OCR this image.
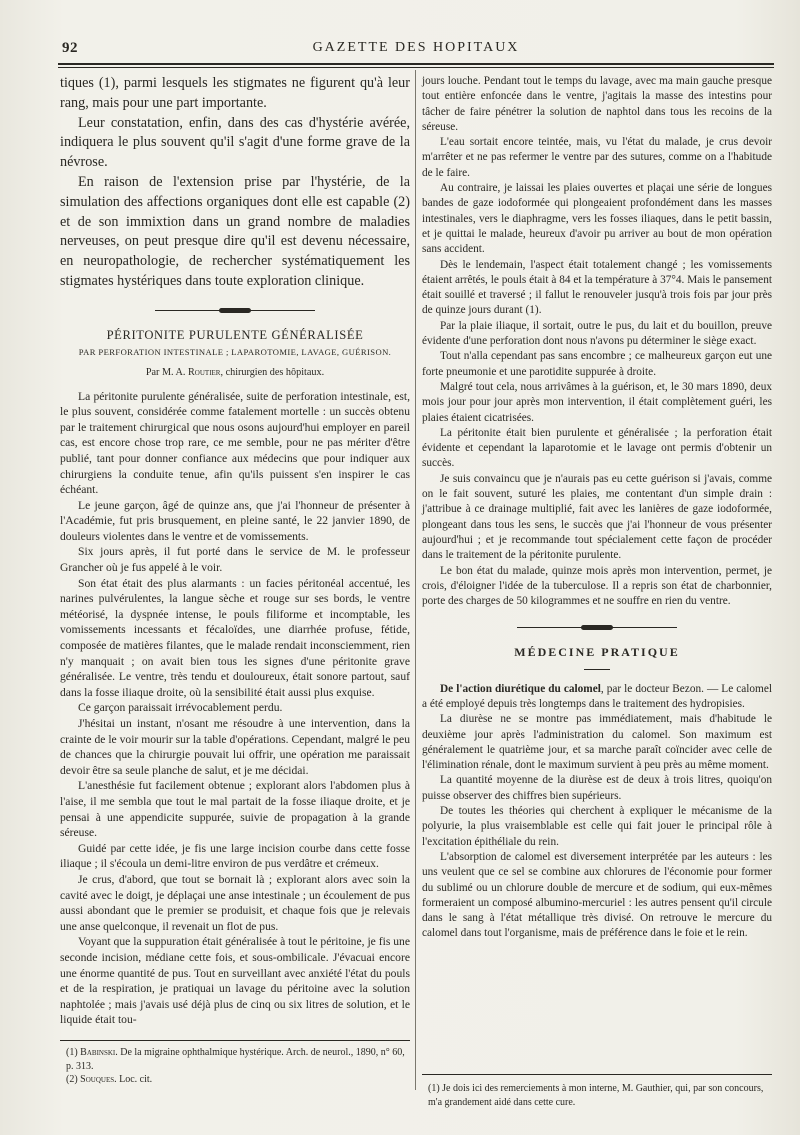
92	GAZETTE DES HOPITAUX

tiques (1), parmi lesquels les stigmates ne figurent qu'à leur rang, mais pour une part importante.

Leur constatation, enfin, dans des cas d'hystérie avérée, indiquera le plus souvent qu'il s'agit d'une forme grave de la névrose.

En raison de l'extension prise par l'hystérie, de la simulation des affections organiques dont elle est capable (2) et de son immixtion dans un grand nombre de maladies nerveuses, on peut presque dire qu'il est devenu nécessaire, en neuropathologie, de rechercher systématiquement les stigmates hystériques dans toute exploration clinique.

PÉRITONITE PURULENTE GÉNÉRALISÉE
PAR PERFORATION INTESTINALE ; LAPAROTOMIE, LAVAGE, GUÉRISON.
Par M. A. Routier, chirurgien des hôpitaux.

La péritonite purulente généralisée, suite de perforation intestinale, est, le plus souvent, considérée comme fatalement mortelle : un succès obtenu par le traitement chirurgical que nous osons aujourd'hui employer en pareil cas, est encore chose trop rare, ce me semble, pour ne pas mériter d'être publié, tant pour donner confiance aux médecins que pour indiquer aux chirurgiens la conduite tenue, afin qu'ils puissent s'en inspirer le cas échéant.

Le jeune garçon, âgé de quinze ans, que j'ai l'honneur de présenter à l'Académie, fut pris brusquement, en pleine santé, le 22 janvier 1890, de douleurs violentes dans le ventre et de vomissements.

Six jours après, il fut porté dans le service de M. le professeur Grancher où je fus appelé à le voir.

Son état était des plus alarmants : un facies péritonéal accentué, les narines pulvérulentes, la langue sèche et rouge sur ses bords, le ventre météorisé, la dyspnée intense, le pouls filiforme et incomptable, les vomissements incessants et fécaloïdes, une diarrhée profuse, fétide, composée de matières filantes, que le malade rendait inconsciemment, rien n'y manquait ; on avait bien tous les signes d'une péritonite grave généralisée. Le ventre, très tendu et douloureux, était sonore partout, sauf dans la fosse iliaque droite, où la sensibilité était aussi plus exquise.

Ce garçon paraissait irrévocablement perdu.

J'hésitai un instant, n'osant me résoudre à une intervention, dans la crainte de le voir mourir sur la table d'opérations. Cependant, malgré le peu de chances que la chirurgie pouvait lui offrir, une opération me paraissait devoir être sa seule planche de salut, et je me décidai.

L'anesthésie fut facilement obtenue ; explorant alors l'abdomen plus à l'aise, il me sembla que tout le mal partait de la fosse iliaque droite, et je pensai à une appendicite suppurée, suivie de propagation à la grande séreuse.

Guidé par cette idée, je fis une large incision courbe dans cette fosse iliaque ; il s'écoula un demi-litre environ de pus verdâtre et crémeux.

Je crus, d'abord, que tout se bornait là ; explorant alors avec soin la cavité avec le doigt, je déplaçai une anse intestinale ; un écoulement de pus aussi abondant que le premier se produisit, et chaque fois que je relevais une anse quelconque, il revenait un flot de pus.

Voyant que la suppuration était généralisée à tout le péritoine, je fis une seconde incision, médiane cette fois, et sous-ombilicale. J'évacuai encore une énorme quantité de pus. Tout en surveillant avec anxiété l'état du pouls et de la respiration, je pratiquai un lavage du péritoine avec la solution naphtolée ; mais j'avais usé déjà plus de cinq ou six litres de solution, et le liquide était tou-

(1) Babinski. De la migraine ophthalmique hystérique. Arch. de neurol., 1890, n° 60, p. 313.

(2) Souques. Loc. cit.

jours louche. Pendant tout le temps du lavage, avec ma main gauche presque tout entière enfoncée dans le ventre, j'agitais la masse des intestins pour tâcher de faire pénétrer la solution de naphtol dans tous les recoins de la séreuse.

L'eau sortait encore teintée, mais, vu l'état du malade, je crus devoir m'arrêter et ne pas refermer le ventre par des sutures, comme on a l'habitude de le faire.

Au contraire, je laissai les plaies ouvertes et plaçai une série de longues bandes de gaze iodoformée qui plongeaient profondément dans les masses intestinales, vers le diaphragme, vers les fosses iliaques, dans le petit bassin, et je quittai le malade, heureux d'avoir pu arriver au bout de mon opération sans accident.

Dès le lendemain, l'aspect était totalement changé ; les vomissements étaient arrêtés, le pouls était à 84 et la température à 37°4. Mais le pansement était souillé et traversé ; il fallut le renouveler jusqu'à trois fois par jour près de quinze jours durant (1).

Par la plaie iliaque, il sortait, outre le pus, du lait et du bouillon, preuve évidente d'une perforation dont nous n'avons pu déterminer le siège exact.

Tout n'alla cependant pas sans encombre ; ce malheureux garçon eut une forte pneumonie et une parotidite suppurée à droite.

Malgré tout cela, nous arrivâmes à la guérison, et, le 30 mars 1890, deux mois jour pour jour après mon intervention, il était complètement guéri, les plaies étaient cicatrisées.

La péritonite était bien purulente et généralisée ; la perforation était évidente et cependant la laparotomie et le lavage ont permis d'obtenir un succès.

Je suis convaincu que je n'aurais pas eu cette guérison si j'avais, comme on le fait souvent, suturé les plaies, me contentant d'un simple drain : j'attribue à ce drainage multiplié, fait avec les lanières de gaze iodoformée, plongeant dans tous les sens, le succès que j'ai l'honneur de vous présenter aujourd'hui ; et je recommande tout spécialement cette façon de procéder dans le traitement de la péritonite purulente.

Le bon état du malade, quinze mois après mon intervention, permet, je crois, d'éloigner l'idée de la tuberculose. Il a repris son état de charbonnier, porte des charges de 50 kilogrammes et ne souffre en rien du ventre.

MÉDECINE PRATIQUE

De l'action diurétique du calomel, par le docteur Bezon. — Le calomel a été employé depuis très longtemps dans le traitement des hydropisies.

La diurèse ne se montre pas immédiatement, mais d'habitude le deuxième jour après l'administration du calomel. Son maximum est généralement le quatrième jour, et sa marche paraît coïncider avec celle de l'élimination rénale, dont le maximum survient à peu près au même moment.

La quantité moyenne de la diurèse est de deux à trois litres, quoiqu'on puisse observer des chiffres bien supérieurs.

De toutes les théories qui cherchent à expliquer le mécanisme de la polyurie, la plus vraisemblable est celle qui fait jouer le principal rôle à l'excitation épithéliale du rein.

L'absorption de calomel est diversement interprétée par les auteurs : les uns veulent que ce sel se combine aux chlorures de l'économie pour former du sublimé ou un chlorure double de mercure et de sodium, qui eux-mêmes formeraient un composé albumino-mercuriel : les autres pensent qu'il circule dans le sang à l'état métallique très divisé. On retrouve le mercure du calomel dans tout l'organisme, mais de préférence dans le foie et le rein.

(1) Je dois ici des remerciements à mon interne, M. Gauthier, qui, par son concours, m'a grandement aidé dans cette cure.
